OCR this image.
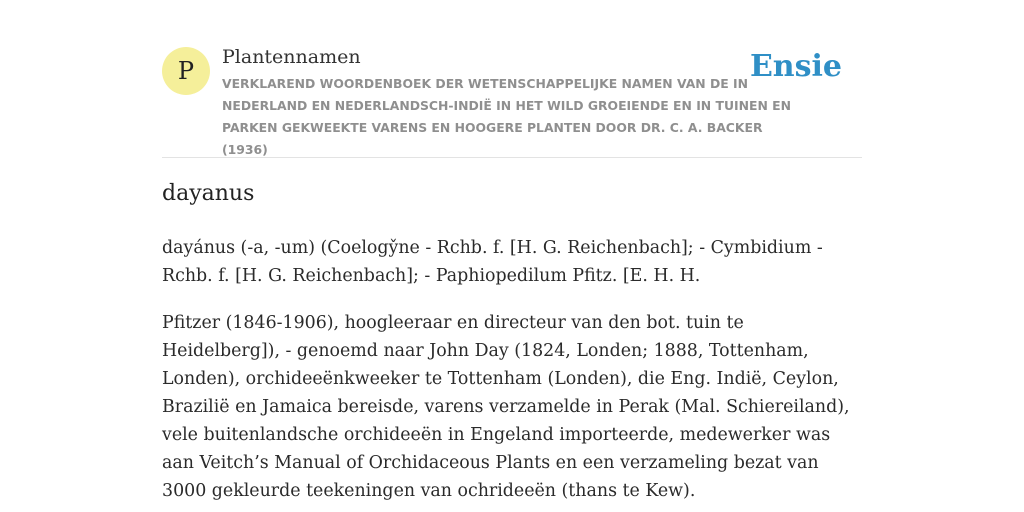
P	Plantennamen
VERKLAREND WOORDENBOEK DER WETENSCHAPPELIJKE NAMEN VAN DE IN NEDERLAND EN NEDERLANDSCH-INDIË IN HET WILD GROEIENDE EN IN TUINEN EN PARKEN GEKWEEKTE VARENS EN HOOGERE PLANTEN DOOR DR. C. A. BACKER (1936)
Ensie
dayanus

dayánus (-a, -um) (Coelogy̌ne - Rchb. f. [H. G. Reichenbach]; - Cymbidi̇um -Rchb. f. [H. G. Reichenbach]; - Paphiopedi̇lum Pfitz. [E. H. H.

Pfitzer (1846-1906), hoogleeraar en directeur van den bot. tuin te Heidelberg]), - genoemd naar John Day (1824, Londen; 1888, Tottenham, Londen), orchideeënkweeker te Tottenham (Londen), die Eng. Indië, Ceylon, Brazilië en Jamaica bereisde, varens verzamelde in Perak (Mal. Schiereiland), vele buitenlandsche orchideeën in Engeland importeerde, medewerker was aan Veitch’s Manual of Orchidaceous Plants en een verzameling bezat van 3000 gekleurde teekeningen van ochrideeën (thans te Kew).
